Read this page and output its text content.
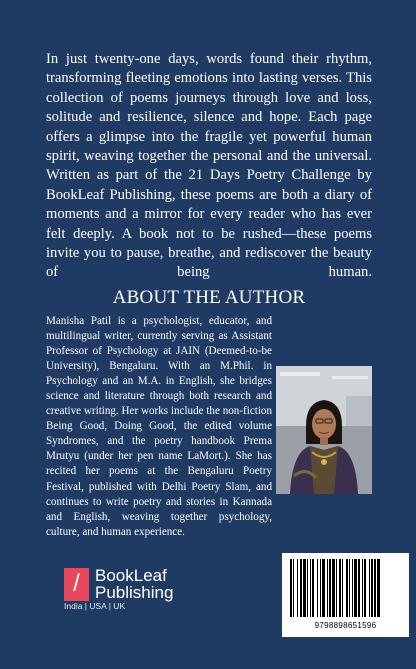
In just twenty-one days, words found their rhythm, transforming fleeting emotions into lasting verses. This collection of poems journeys through love and loss, solitude and resilience, silence and hope. Each page offers a glimpse into the fragile yet powerful human spirit, weaving together the personal and the universal. Written as part of the 21 Days Poetry Challenge by BookLeaf Publishing, these poems are both a diary of moments and a mirror for every reader who has ever felt deeply. A book not to be rushed—these poems invite you to pause, breathe, and rediscover the beauty of being human.

ABOUT THE AUTHOR

Manisha Patil is a psychologist, educator, and multilingual writer, currently serving as Assistant Professor of Psychology at JAIN (Deemed-to-be University), Bengaluru. With an M.Phil. in Psychology and an M.A. in English, she bridges science and literature through both research and creative writing. Her works include the non-fiction Being Good, Doing Good, the edited volume Syndromes, and the poetry handbook Prema Mrutyu (under her pen name LaMort.). She has recited her poems at the Bengaluru Poetry Festival, published with Delhi Poetry Slam, and continues to write poetry and stories in Kannada and English, weaving together psychology, culture, and human experience.

/ BookLeaf
Publishing
India | USA | UK
9798898651596
